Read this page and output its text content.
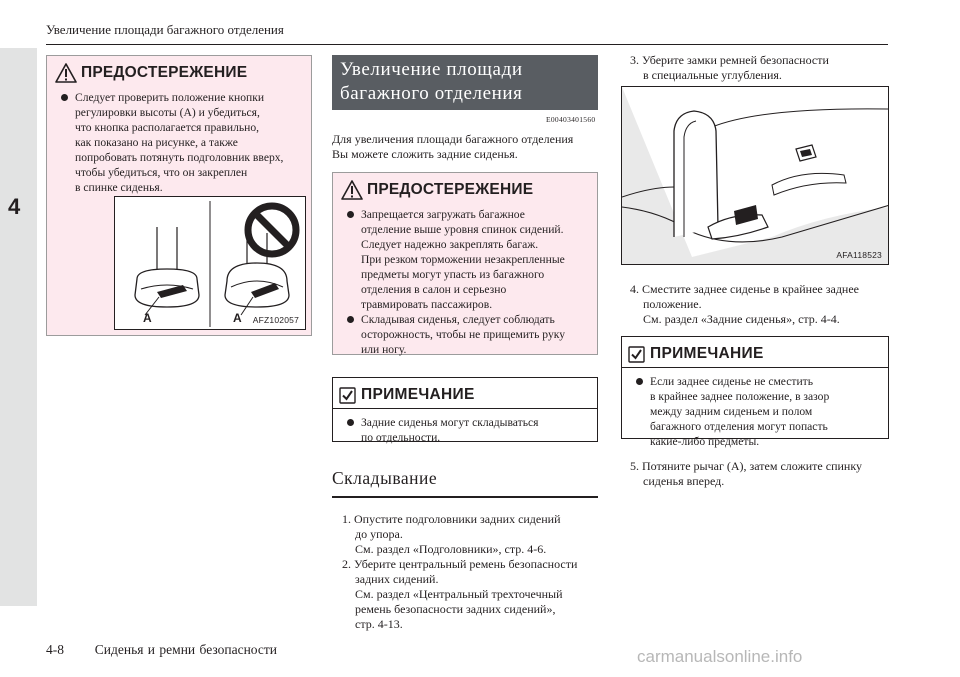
Увеличение площади багажного отделения
4
ПРЕДОСТЕРЕЖЕНИЕ
Следует проверить положение кнопки
регулировки высоты (A) и убедиться,
что кнопка располагается правильно,
как показано на рисунке, а также
попробовать потянуть подголовник вверх,
чтобы убедиться, что он закреплен
в спинке сиденья.
A	A AFZ102057
Увеличение площади
багажного отделения
E00403401560
Для увеличения площади багажного отделения
Вы можете сложить задние сиденья.
ПРЕДОСТЕРЕЖЕНИЕ
Запрещается загружать багажное
отделение выше уровня спинок сидений.
Следует надежно закреплять багаж.
При резком торможении незакрепленные
предметы могут упасть из багажного
отделения в салон и серьезно
травмировать пассажиров.
Складывая сиденья, следует соблюдать
осторожность, чтобы не прищемить руку
или ногу.
ПРИМЕЧАНИЕ
Задние сиденья могут складываться
по отдельности.
Складывание
1. Опустите подголовники задних сидений
до упора.
См. раздел «Подголовники», стр. 4-6.
2. Уберите центральный ремень безопасности
задних сидений.
См. раздел «Центральный трехточечный
ремень безопасности задних сидений»,
стр. 4-13.
3. Уберите замки ремней безопасности
в специальные углубления.
AFA118523
4. Сместите заднее сиденье в крайнее заднее
положение.
См. раздел «Задние сиденья», стр. 4-4.
ПРИМЕЧАНИЕ
Если заднее сиденье не сместить
в крайнее заднее положение, в зазор
между задним сиденьем и полом
багажного отделения могут попасть
какие-либо предметы.
5. Потяните рычаг (A), затем сложите спинку
сиденья вперед.
4-8 Сиденья и ремни безопасности	carmanualsonline.info
